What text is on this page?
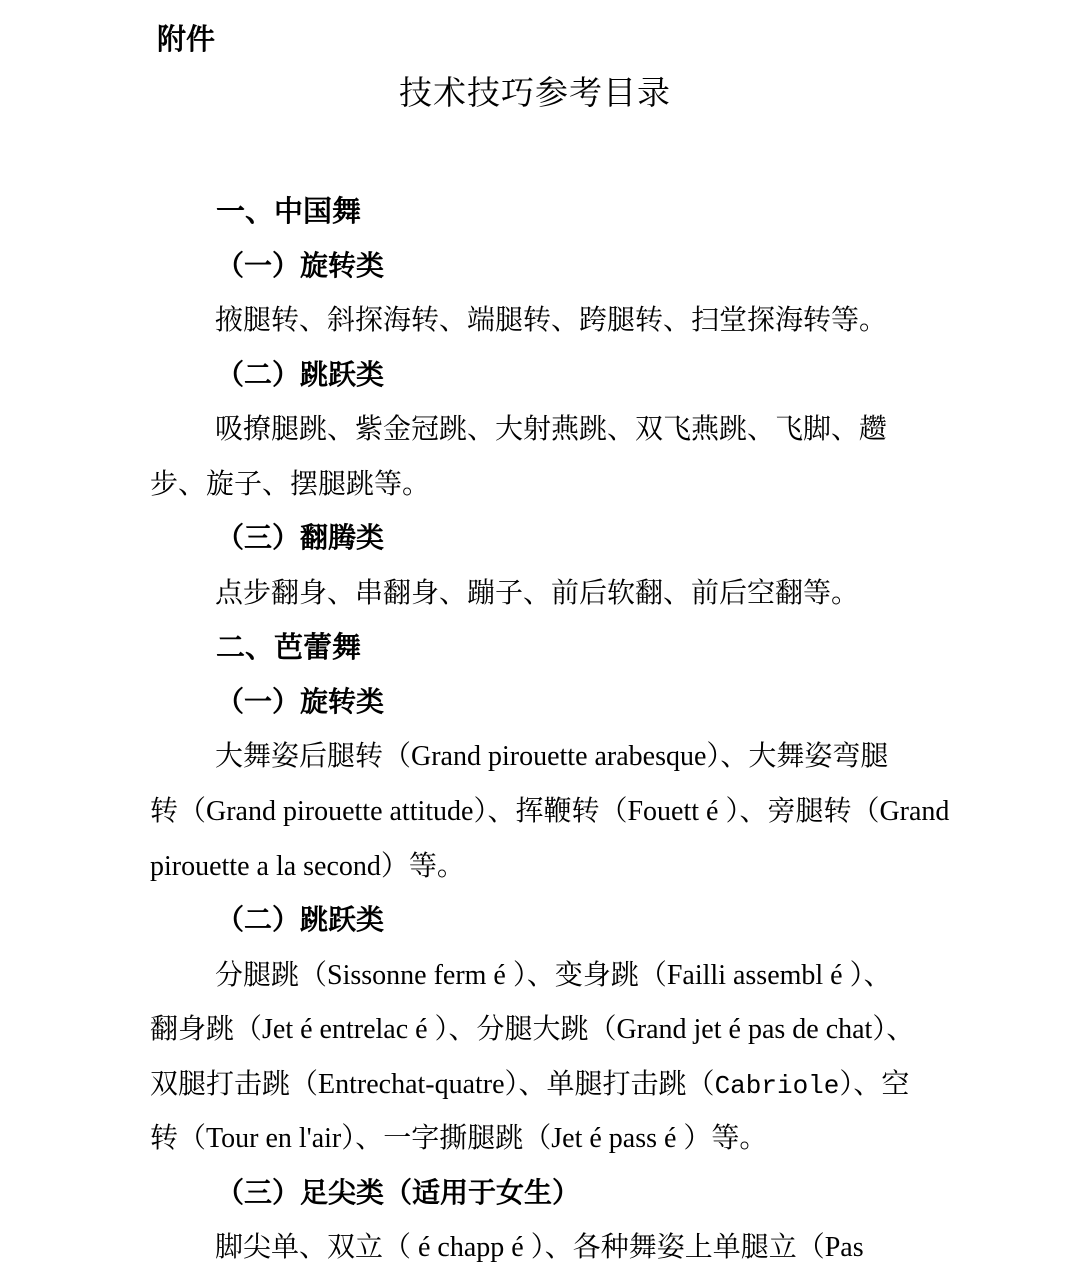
附件
技术技巧参考目录
一、中国舞
（一）旋转类
掖腿转、斜探海转、端腿转、跨腿转、扫堂探海转等。
（二）跳跃类
吸撩腿跳、紫金冠跳、大射燕跳、双飞燕跳、飞脚、趱
步、旋子、摆腿跳等。
（三）翻腾类
点步翻身、串翻身、蹦子、前后软翻、前后空翻等。
二、芭蕾舞
（一）旋转类
大舞姿后腿转（Grand pirouette arabesque）、大舞姿弯腿
转（Grand pirouette attitude）、挥鞭转（Fouett é ）、旁腿转（Grand
pirouette a la second）等。
（二）跳跃类
分腿跳（Sissonne ferm é ）、变身跳（Failli assembl é ）、
翻身跳（Jet é entrelac é ）、分腿大跳（Grand jet é pas de chat）、
双腿打击跳（Entrechat-quatre）、单腿打击跳（Cabriole）、空
转（Tour en l'air）、一字撕腿跳（Jet é pass é ）等。
（三）足尖类（适用于女生）
脚尖单、双立（ é chapp é ）、各种舞姿上单腿立（Pas
